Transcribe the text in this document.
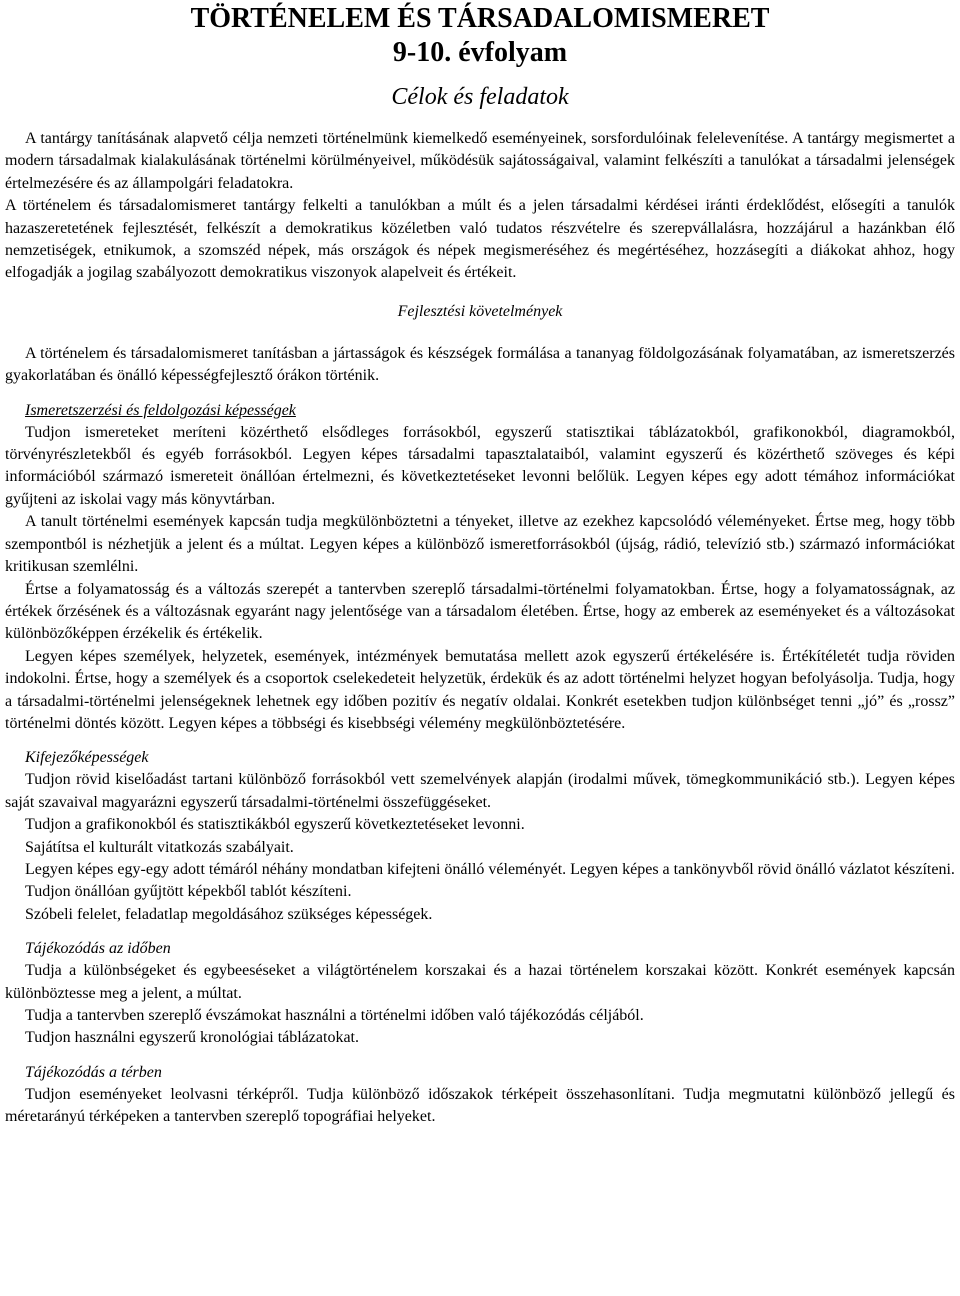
TÖRTÉNELEM ÉS TÁRSADALOMISMERET
9-10. évfolyam
Célok és feladatok

A tantárgy tanításának alapvető célja nemzeti történelmünk kiemelkedő eseményeinek, sorsfordulóinak felelevenítése. A tantárgy megismertet a modern társadalmak kialakulásának történelmi körülményeivel, működésük sajátosságaival, valamint felkészíti a tanulókat a társadalmi jelenségek értelmezésére és az állampolgári feladatokra.

A történelem és társadalomismeret tantárgy felkelti a tanulókban a múlt és a jelen társadalmi kérdései iránti érdeklődést, elősegíti a tanulók hazaszeretetének fejlesztését, felkészít a demokratikus közéletben való tudatos részvételre és szerepvállalásra, hozzájárul a hazánkban élő nemzetiségek, etnikumok, a szomszéd népek, más országok és népek megismeréséhez és megértéséhez, hozzásegíti a diákokat ahhoz, hogy elfogadják a jogilag szabályozott demokratikus viszonyok alapelveit és értékeit.

Fejlesztési követelmények

A történelem és társadalomismeret tanításban a jártasságok és készségek formálása a tananyag földolgozásának folyamatában, az ismeretszerzés gyakorlatában és önálló képességfejlesztő órákon történik.

Ismeretszerzési és feldolgozási képességek

Tudjon ismereteket meríteni közérthető elsődleges forrásokból, egyszerű statisztikai táblázatokból, grafikonokból, diagramokból, törvényrészletekből és egyéb forrásokból. Legyen képes társadalmi tapasztalataiból, valamint egyszerű és közérthető szöveges és képi információból származó ismereteit önállóan értelmezni, és következtetéseket levonni belőlük. Legyen képes egy adott témához információkat gyűjteni az iskolai vagy más könyvtárban.

A tanult történelmi események kapcsán tudja megkülönböztetni a tényeket, illetve az ezekhez kapcsolódó véleményeket. Értse meg, hogy több szempontból is nézhetjük a jelent és a múltat. Legyen képes a különböző ismeretforrásokból (újság, rádió, televízió stb.) származó információkat kritikusan szemlélni.

Értse a folyamatosság és a változás szerepét a tantervben szereplő társadalmi-történelmi folyamatokban. Értse, hogy a folyamatosságnak, az értékek őrzésének és a változásnak egyaránt nagy jelentősége van a társadalom életében. Értse, hogy az emberek az eseményeket és a változásokat különbözőképpen érzékelik és értékelik.

Legyen képes személyek, helyzetek, események, intézmények bemutatása mellett azok egyszerű értékelésére is. Értékítéletét tudja röviden indokolni. Értse, hogy a személyek és a csoportok cselekedeteit helyzetük, érdekük és az adott történelmi helyzet hogyan befolyásolja. Tudja, hogy a társadalmi-történelmi jelenségeknek lehetnek egy időben pozitív és negatív oldalai. Konkrét esetekben tudjon különbséget tenni „jó” és „rossz” történelmi döntés között. Legyen képes a többségi és kisebbségi vélemény megkülönböztetésére.

Kifejezőképességek

Tudjon rövid kiselőadást tartani különböző forrásokból vett szemelvények alapján (irodalmi művek, tömegkommunikáció stb.). Legyen képes saját szavaival magyarázni egyszerű társadalmi-történelmi összefüggéseket.

Tudjon a grafikonokból és statisztikákból egyszerű következtetéseket levonni.

Sajátítsa el kulturált vitatkozás szabályait.

Legyen képes egy-egy adott témáról néhány mondatban kifejteni önálló véleményét. Legyen képes a tankönyvből rövid önálló vázlatot készíteni.

Tudjon önállóan gyűjtött képekből tablót készíteni.

Szóbeli felelet, feladatlap megoldásához szükséges képességek.

Tájékozódás az időben

Tudja a különbségeket és egybeeséseket a világtörténelem korszakai és a hazai történelem korszakai között. Konkrét események kapcsán különböztesse meg a jelent, a múltat.

Tudja a tantervben szereplő évszámokat használni a történelmi időben való tájékozódás céljából.

Tudjon használni egyszerű kronológiai táblázatokat.

Tájékozódás a térben

Tudjon eseményeket leolvasni térképről. Tudja különböző időszakok térképeit összehasonlítani. Tudja megmutatni különböző jellegű és méretarányú térképeken a tantervben szereplő topográfiai helyeket.
